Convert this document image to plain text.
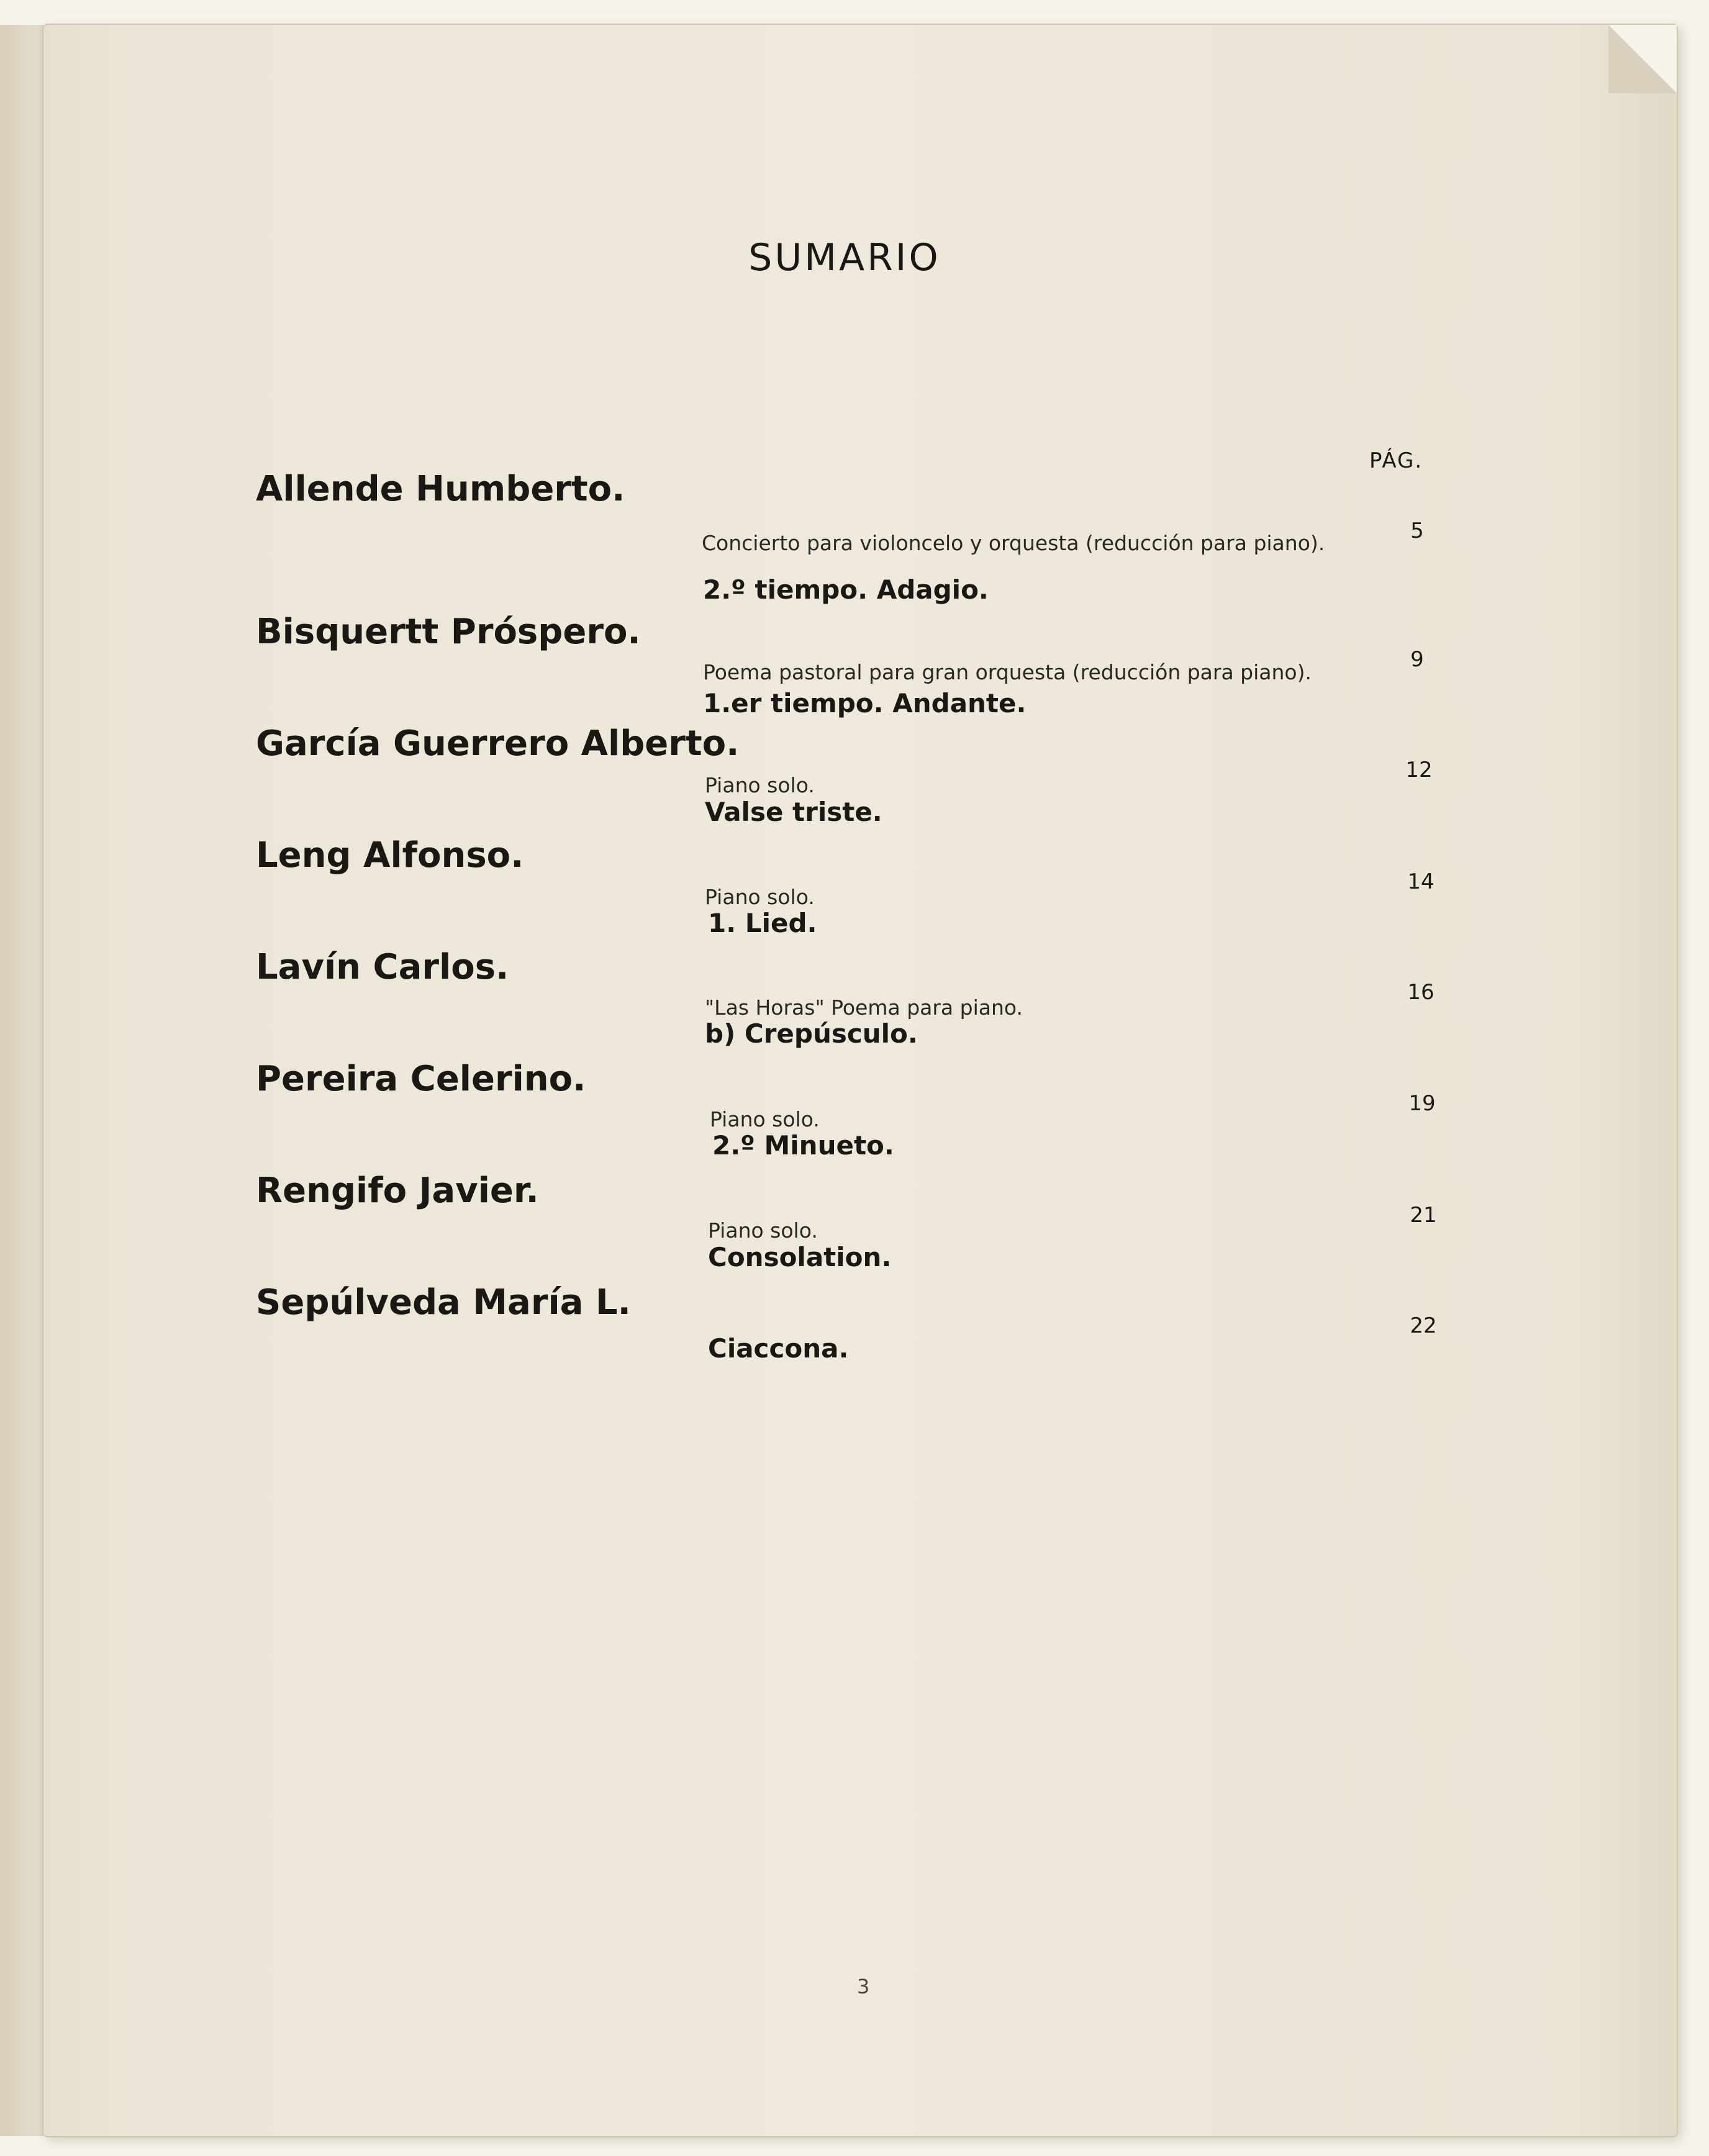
SUMARIO
PÁG.
Allende Humberto.
Concierto para violoncelo y orquesta (reducción para piano).
2.º tiempo. Adagio.
5
Bisquertt Próspero.
Poema pastoral para gran orquesta (reducción para piano).
1.er tiempo. Andante.
9
García Guerrero Alberto.
Piano solo.
Valse triste.
12
Leng Alfonso.
Piano solo.
1. Lied.
14
Lavín Carlos.
"Las Horas" Poema para piano.
b) Crepúsculo.
16
Pereira Celerino.
Piano solo.
2.º Minueto.
19
Rengifo Javier.
Piano solo.
Consolation.
21
Sepúlveda María L.
Ciaccona.
22
3
